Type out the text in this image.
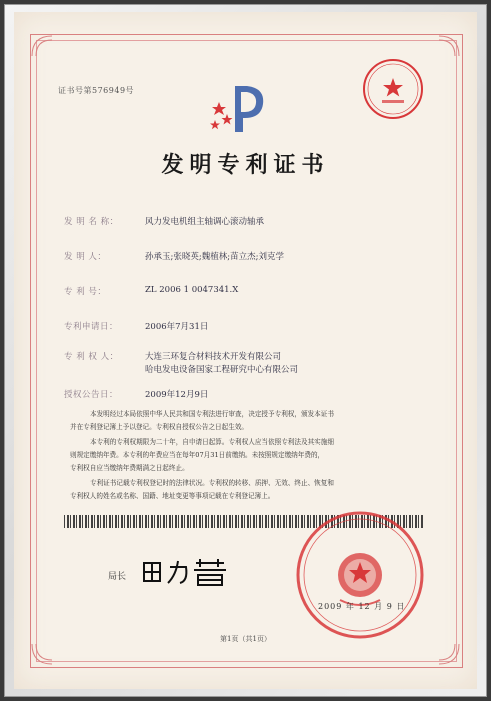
证书号第576949号
发明专利证书
发 明 名 称：	风力发电机组主轴调心滚动轴承
发 明 人：	孙承玉;张晓英;魏植林;苗立杰;刘克学
专 利 号：	ZL 2006 1 0047341.X
专利申请日：	2006年7月31日
专 利 权 人：	大连三环复合材料技术开发有限公司
哈电发电设备国家工程研究中心有限公司
授权公告日：	2009年12月9日
本发明经过本局依照中华人民共和国专利法进行审查，决定授予专利权，颁发本证书
并在专利登记簿上予以登记。专利权自授权公告之日起生效。
本专利的专利权期限为二十年，自申请日起算。专利权人应当依照专利法及其实施细
则规定缴纳年费。本专利的年费应当在每年07月31日前缴纳。未按照规定缴纳年费的，
专利权自应当缴纳年费期满之日起终止。
专利证书记载专利权登记时的法律状况。专利权的转移、质押、无效、终止、恢复和
专利权人的姓名或名称、国籍、地址变更等事项记载在专利登记簿上。
局长
2009 年 12 月 9 日
第1页（共1页）
